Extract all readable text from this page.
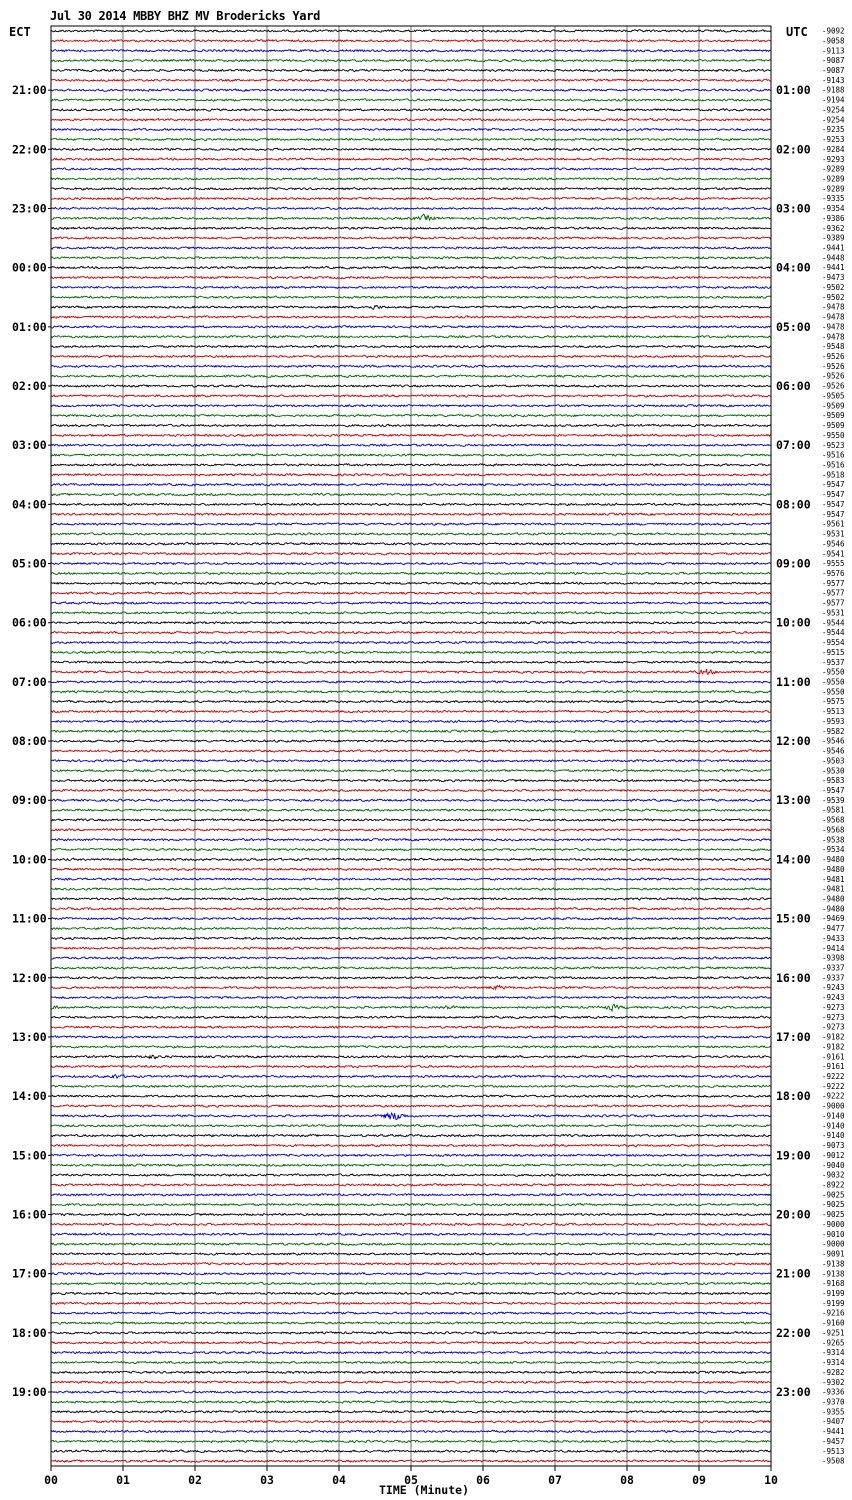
Jul 30 2014 MBBY BHZ MV Brodericks Yard
ECT	UTC -9092
-9058
-9113
-9087
-9087
-9143
-9188
-9194
-9254
-9254
-9235
-9253
-9284
-9293
-9289
-9289
-9289
-9335
-9354
-9386
-9362
-9389
-9441
-9448
-9441
-9473
-9502
-9502
-9478
-9478
-9478
-9478
-9548
-9526
-9526
-9526
-9526
-9505
-9509
-9509
-9509
-9550
-9523
-9516
-9516
-9518
-9547
-9547
-9547
-9547
-9561
-9531
-9546
-9541
-9555
-9576
-9577
-9577
-9577
-9531
-9544
-9544
-9554
-9515
-9537
-9550
-9550
-9550
-9575
-9513
-9593
-9582
-9546
-9546
-9503
-9530
-9583
-9547
-9539
-9581
-9568
-9568
-9538
-9534
-9480
-9480
-9481
-9481
-9480
-9480
-9469
-9477
-9433
-9414
-9398
-9337
-9337
-9243
-9243
-9273
-9273
-9273
-9182
-9182
-9161
-9161
-9222
-9222
-9222
-9000
-9140
-9140
-9140
-9073
-9012
-9040
-9032
-8922
-9025
-9025
-9025
-9000
-9010
-9000
-9091
-9138
-9138
-9168
-9199
-9199
-9216
-9160
-9251
-9265
-9314
-9314
-9282
-9302
-9336
-9370
-9355
-9407
-9441
-9457
-9513
-9508
21:00
22:00
23:00
00:00
01:00
02:00
03:00
04:00
05:00
06:00
07:00
08:00
09:00
10:00
11:00
12:00
13:00
14:00
15:00
16:00
17:00
18:00
19:00
01:00
02:00
03:00
04:00
05:00
06:00
07:00
08:00
09:00
10:00
11:00
12:00
13:00
14:00
15:00
16:00
17:00
18:00
19:00
20:00
21:00
22:00
23:00
00	01	02	03	04	05	06	07	08	09	10
TIME (Minute)
